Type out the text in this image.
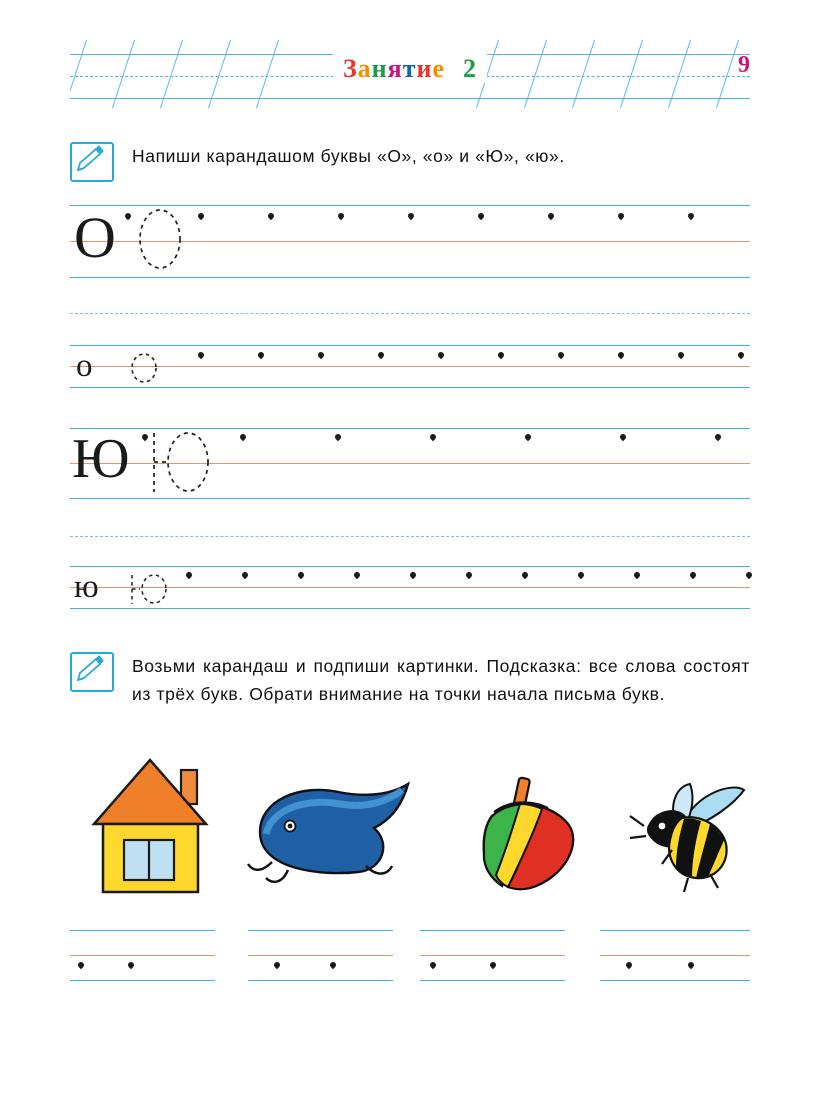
Занятие 2	9
Напиши карандашом буквы «О», «о» и «Ю», «ю».
О
о
Ю
ю
Возьми карандаш и подпиши картинки. Подсказка: все слова состоят из трёх букв. Обрати внимание на точки начала письма букв.
